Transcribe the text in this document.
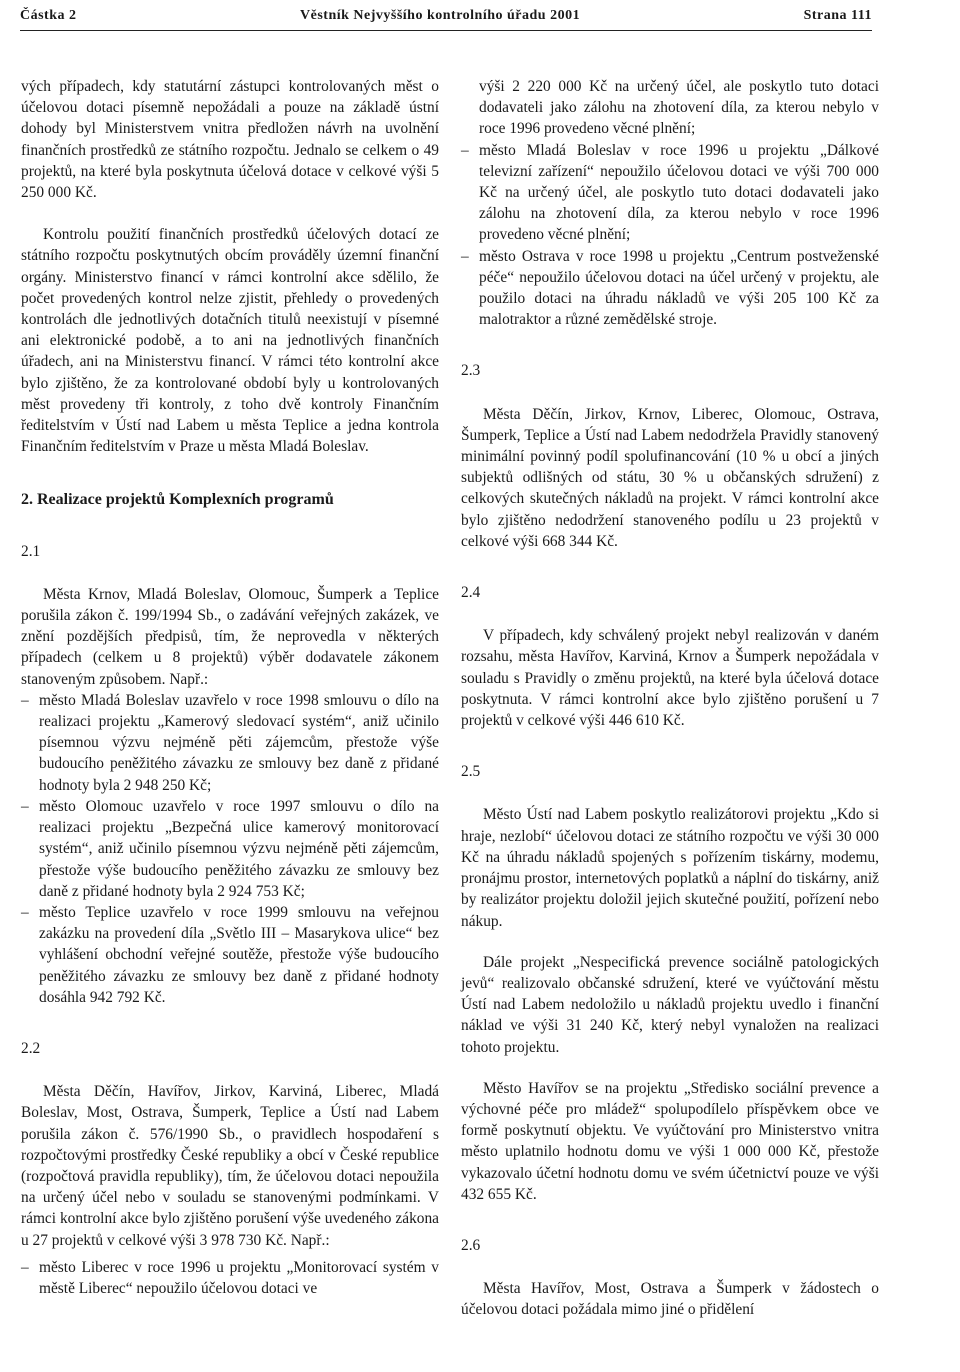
Částka 2	Věstník Nejvyššího kontrolního úřadu 2001	Strana 111

vých případech, kdy statutární zástupci kontrolovaných měst o účelovou dotaci písemně nepožádali a pouze na základě ústní dohody byl Ministerstvem vnitra předložen návrh na uvolnění finančních prostředků ze státního rozpočtu. Jednalo se celkem o 49 projektů, na které byla poskytnuta účelová dotace v celkové výši 5 250 000 Kč.

Kontrolu použití finančních prostředků účelových dotací ze státního rozpočtu poskytnutých obcím prováděly územní finanční orgány. Ministerstvo financí v rámci kontrolní akce sdělilo, že počet provedených kontrol nelze zjistit, přehledy o provedených kontrolách dle jednotlivých dotačních titulů neexistují v písemné ani elektronické podobě, a to ani na jednotlivých finančních úřadech, ani na Ministerstvu financí. V rámci této kontrolní akce bylo zjištěno, že za kontrolované období byly u kontrolovaných měst provedeny tři kontroly, z toho dvě kontroly Finančním ředitelstvím v Ústí nad Labem u města Teplice a jedna kontrola Finančním ředitelstvím v Praze u města Mladá Boleslav.

2. Realizace projektů Komplexních programů

2.1

Města Krnov, Mladá Boleslav, Olomouc, Šumperk a Teplice porušila zákon č. 199/1994 Sb., o zadávání veřejných zakázek, ve znění pozdějších předpisů, tím, že neprovedla v některých případech (celkem u 8 projektů) výběr dodavatele zákonem stanoveným způsobem. Např.:

– město Mladá Boleslav uzavřelo v roce 1998 smlouvu o dílo na realizaci projektu „Kamerový sledovací systém“, aniž učinilo písemnou výzvu nejméně pěti zájemcům, přestože výše budoucího peněžitého závazku ze smlouvy bez daně z přidané hodnoty byla 2 948 250 Kč;
– město Olomouc uzavřelo v roce 1997 smlouvu o dílo na realizaci projektu „Bezpečná ulice kamerový monitorovací systém“, aniž učinilo písemnou výzvu nejméně pěti zájemcům, přestože výše budoucího peněžitého závazku ze smlouvy bez daně z přidané hodnoty byla 2 924 753 Kč;
– město Teplice uzavřelo v roce 1999 smlouvu na veřejnou zakázku na provedení díla „Světlo III – Masarykova ulice“ bez vyhlášení obchodní veřejné soutěže, přestože výše budoucího peněžitého závazku ze smlouvy bez daně z přidané hodnoty dosáhla 942 792 Kč.

2.2

Města Děčín, Havířov, Jirkov, Karviná, Liberec, Mladá Boleslav, Most, Ostrava, Šumperk, Teplice a Ústí nad Labem porušila zákon č. 576/1990 Sb., o pravidlech hospodaření s rozpočtovými prostředky České republiky a obcí v České republice (rozpočtová pravidla republiky), tím, že účelovou dotaci nepoužila na určený účel nebo v souladu se stanovenými podmínkami. V rámci kontrolní akce bylo zjištěno porušení výše uvedeného zákona u 27 projektů v celkové výši 3 978 730 Kč. Např.:

– město Liberec v roce 1996 u projektu „Monitorovací systém v městě Liberec“ nepoužilo účelovou dotaci ve

výši 2 220 000 Kč na určený účel, ale poskytlo tuto dotaci dodavateli jako zálohu na zhotovení díla, za kterou nebylo v roce 1996 provedeno věcné plnění;

– město Mladá Boleslav v roce 1996 u projektu „Dálkové televizní zařízení“ nepoužilo účelovou dotaci ve výši 700 000 Kč na určený účel, ale poskytlo tuto dotaci dodavateli jako zálohu na zhotovení díla, za kterou nebylo v roce 1996 provedeno věcné plnění;
– město Ostrava v roce 1998 u projektu „Centrum postveženské péče“ nepoužilo účelovou dotaci na účel určený v projektu, ale použilo dotaci na úhradu nákladů ve výši 205 100 Kč za malotraktor a různé zemědělské stroje.

2.3

Města Děčín, Jirkov, Krnov, Liberec, Olomouc, Ostrava, Šumperk, Teplice a Ústí nad Labem nedodržela Pravidly stanovený minimální povinný podíl spolufinancování (10 % u obcí a jiných subjektů odlišných od státu, 30 % u občanských sdružení) z celkových skutečných nákladů na projekt. V rámci kontrolní akce bylo zjištěno nedodržení stanoveného podílu u 23 projektů v celkové výši 668 344 Kč.

2.4

V případech, kdy schválený projekt nebyl realizován v daném rozsahu, města Havířov, Karviná, Krnov a Šumperk nepožádala v souladu s Pravidly o změnu projektů, na které byla účelová dotace poskytnuta. V rámci kontrolní akce bylo zjištěno porušení u 7 projektů v celkové výši 446 610 Kč.

2.5

Město Ústí nad Labem poskytlo realizátorovi projektu „Kdo si hraje, nezlobí“ účelovou dotaci ze státního rozpočtu ve výši 30 000 Kč na úhradu nákladů spojených s pořízením tiskárny, modemu, pronájmu prostor, internetových poplatků a náplní do tiskárny, aniž by realizátor projektu doložil jejich skutečné použití, pořízení nebo nákup.

Dále projekt „Nespecifická prevence sociálně patologických jevů“ realizovalo občanské sdružení, které ve vyúčtování městu Ústí nad Labem nedoložilo u nákladů projektu uvedlo i finanční náklad ve výši 31 240 Kč, který nebyl vynaložen na realizaci tohoto projektu.

Město Havířov se na projektu „Středisko sociální prevence a výchovné péče pro mládež“ spolupodílelo příspěvkem obce ve formě poskytnutí objektu. Ve vyúčtování pro Ministerstvo vnitra město uplatnilo hodnotu domu ve výši 1 000 000 Kč, přestože vykazovalo účetní hodnotu domu ve svém účetnictví pouze ve výši 432 655 Kč.

2.6

Města Havířov, Most, Ostrava a Šumperk v žádostech o účelovou dotaci požádala mimo jiné o přidělení
